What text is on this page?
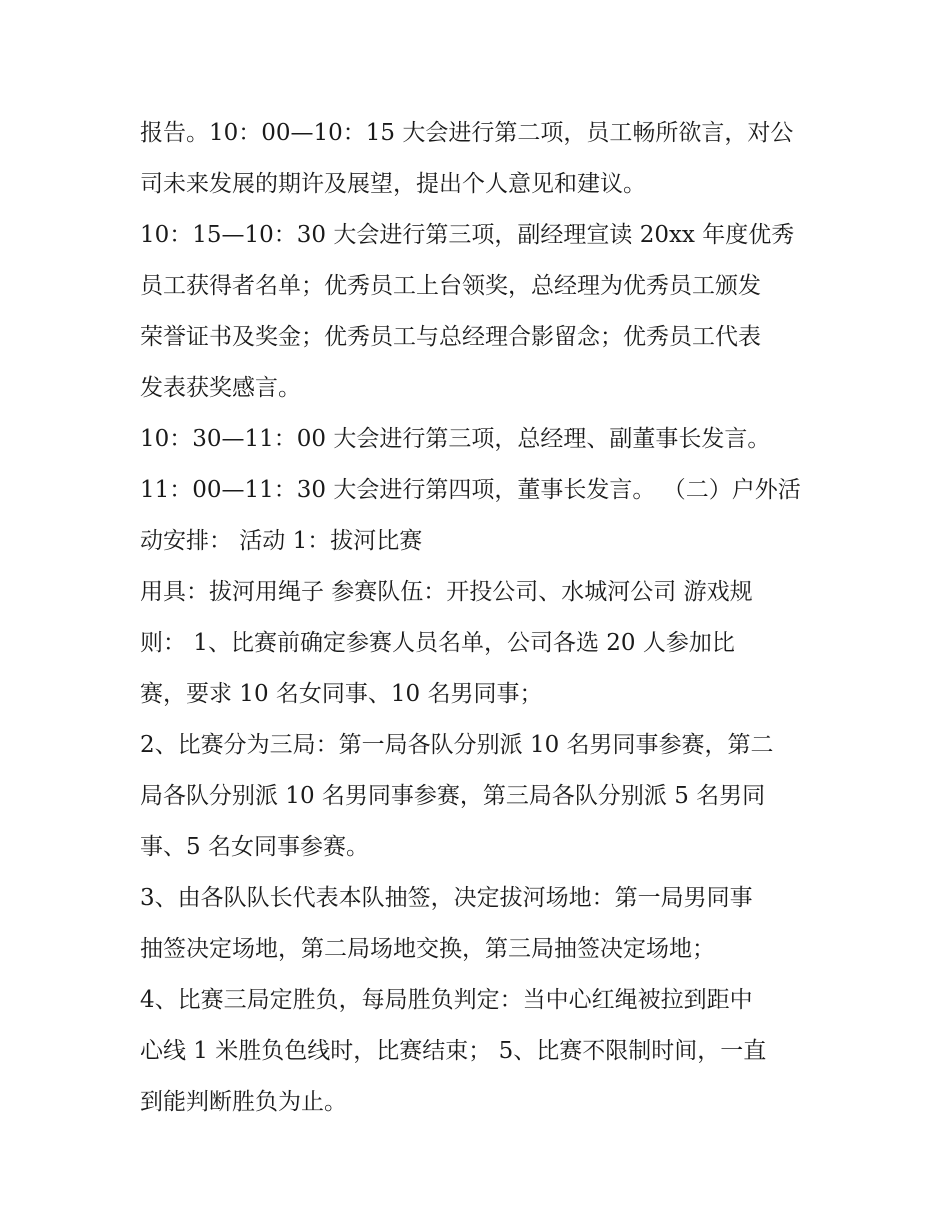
报告。10：00—10：15 大会进行第二项，员工畅所欲言，对公
司未来发展的期许及展望，提出个人意见和建议。
10：15—10：30 大会进行第三项，副经理宣读 20xx 年度优秀
员工获得者名单；优秀员工上台领奖，总经理为优秀员工颁发
荣誉证书及奖金；优秀员工与总经理合影留念；优秀员工代表
发表获奖感言。
10：30—11：00 大会进行第三项，总经理、副董事长发言。
11：00—11：30 大会进行第四项，董事长发言。 （二）户外活
动安排： 活动 1：拔河比赛
用具：拔河用绳子 参赛队伍：开投公司、水城河公司 游戏规
则： 1、比赛前确定参赛人员名单，公司各选 20 人参加比
赛，要求 10 名女同事、10 名男同事；
2、比赛分为三局：第一局各队分别派 10 名男同事参赛，第二
局各队分别派 10 名男同事参赛，第三局各队分别派 5 名男同
事、5 名女同事参赛。
3、由各队队长代表本队抽签，决定拔河场地：第一局男同事
抽签决定场地，第二局场地交换，第三局抽签决定场地；
4、比赛三局定胜负，每局胜负判定：当中心红绳被拉到距中
心线 1 米胜负色线时，比赛结束； 5、比赛不限制时间，一直
到能判断胜负为止。
